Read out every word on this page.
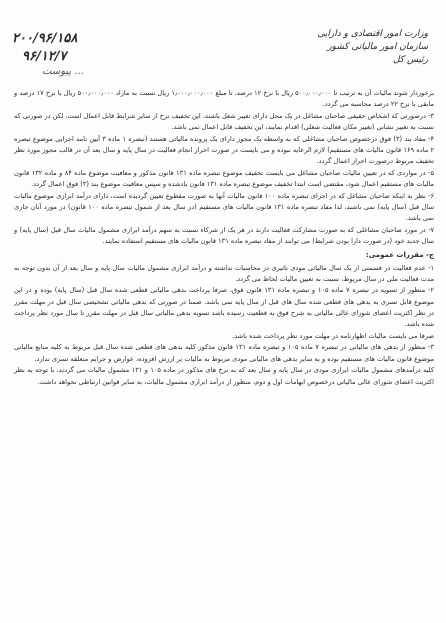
وزارت امور اقتصادی و دارایی
سازمان امور مالیاتی کشور
رئیس کل
۲۰۰/۹۶/۱۵۸
۹۶/۱۲/۷
پیوست ...

برخوردار شوند مالیات آن به ترتیب تا ۵۰۰٫۰۰۰٫۰۰۰ ریال با نرخ ۱۲ درصد، تا مبلغ ۱٫۰۰۰٫۰۰۰٫۰۰۰ ریال نسبت به مازاد ۵۰۰٫۰۰۰٫۰۰۰ ریال با نرخ ۱۷ درصد و مابقی با نرخ ۲۲ درصد محاسبه می گردد.

۳- درصورتی که اشخاص حقیقی صاحبان مشاغل در یک محل دارای تغییر شغل باشند، این تخفیف نرخ از سایر شرایط قابل اعمال است، لکن در صورتی که نسبت به تغییر نشانی (تغییر مکان فعالیت شغلی) اقدام نمایند، این تخفیف قابل اعمال نمی باشد.

۴- مفاد بند (۳) فوق درخصوص صاحبان مشاغلی که به واسطه یک مجوز دارای یک پرونده مالیاتی هستند (تبصره ۱ ماده ۳ آیین نامه اجرایی موضوع تبصره ۲ ماده ۱۶۹ قانون مالیات های مستقیم) لازم الرعایه نبوده و می بایست در صورت احراز انجام فعالیت در سال پایه و سال بعد آن در قالب مجوز مورد نظر تخفیف مربوط درصورت احراز اعمال گردد.

۵- در مواردی که در تعیین مالیات صاحبان مشاغل می بایست تخفیف موضوع تبصره ماده ۱۳۱ قانون مذکور و معافیت موضوع ماده ۸۴ و ماده ۱۳۲ قانون مالیات های مستقیم اعمال شود، مقتضی است ابتدا تخفیف موضوع تبصره ماده ۱۳۱ قانون یادشده و سپس معافیت موضوع بند (۳) فوق اعمال گردد.

۶- نظر به اینکه صاحبان مشاغل که در اجرای تبصره ماده ۱۰۰ قانون مالیات آنها به صورت مقطوع تعیین گردیده است، دارای درآمد ابرازی موضوع مالیات سال قبل (سال پایه) نمی باشند، لذا مفاد تبصره ماده ۱۳۱ قانون مالیات های مستقیم (در سال بعد از شمول تبصره ماده ۱۰۰ قانون) در مورد آنان جاری نمی باشد.

۷- در مورد صاحبان مشاغلی که به صورت مشارکت فعالیت دارند در هر یک از شرکاء نسبت به سهم درآمد ابرازی مشمول مالیات سال قبل (سال پایه) و سال جدید خود (در صورت دارا بودن شرایط) می توانند از مفاد تبصره ماده ۱۳۱ قانون مالیات های مستقیم استفاده نمایند.

ج- مقررات عمومی:

۱- عدم فعالیت در قسمتی از یک سال مالیاتی مودی تاثیری در محاسبات نداشته و درآمد ابرازی مشمول مالیات سال پایه و سال بعد از آن بدون توجه به مدت فعالیت ملی در سال مربوط، نسبت به تعیین مالیات لحاظ می گردد.

۲- منظور از تسویه در تبصره ۷ ماده ۱۰۵ و تبصره ماده ۱۳۱ قانون فوق، صرفا پرداخت بدهی مالیاتی قطعی شده سال قبل (سال پایه) بوده و در این موضوع قابل تسری به بدهی های قطعی شده سال های قبل از سال پایه نمی باشد. ضمنا در صورتی که بدهی مالیاتی تشخیصی سال قبل در مهلت مقرر در نظر اکثریت اعضای شورای عالی مالیاتی به شرح فوق به قطعیت رسیده باشد تسویه بدهی مالیاتی سال قبل در مهلت مقرر تا سال مورد نظر پرداخت شده باشد.

صرفا می بایست مالیات اظهارنامه در مهلت مورد نظر پرداخت شده باشد.

۳- منظور از بدهی های مالیاتی در تبصره ۷ ماده ۱۰۵ و تبصره ماده ۱۳۱ قانون مذکور کلیه بدهی های قطعی شده سال قبل مربوط به کلیه منابع مالیاتی موضوع قانون مالیات های مستقیم بوده و به سایر بدهی های مالیاتی مودی مربوط به مالیات بر ارزش افزوده، عوارض و جرایم متعلقه تسری ندارد.

کلیه درآمدهای مشمول مالیات ابرازی مودی در سال پایه و سال بعد که به نرخ های مذکور در ماده ۱۰۵ و ۱۳۱ مشمول مالیات می گردند، با توجه به نظر اکثریت اعضای شورای عالی مالیاتی درخصوص ابهامات اول و دوم، منظور از درآمد ابرازی مشمول مالیات، به سایر قوانین ارتباطی نخواهد داشت.
